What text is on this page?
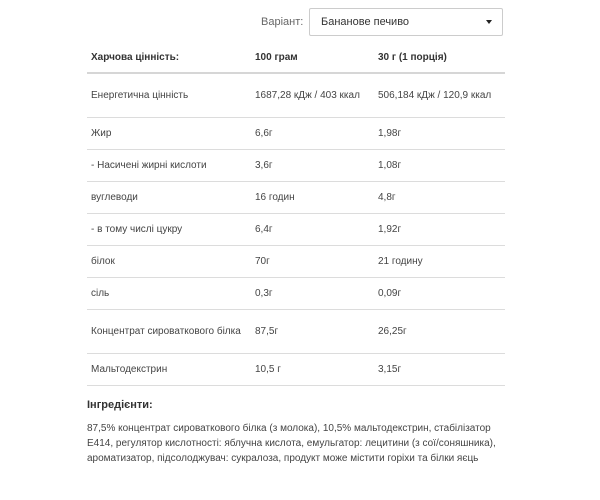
Варіант: Бананове печиво
Харчова цінність:	100 грам	30 г (1 порція)
Енергетична цінність	1687,28 кДж / 403 ккал	506,184 кДж / 120,9 ккал
Жир	6,6г	1,98г
- Насичені жирні кислоти	3,6г	1,08г
вуглеводи	16 годин	4,8г
- в тому числі цукру	6,4г	1,92г
білок	70г	21 годину
сіль	0,3г	0,09г
Концентрат сироваткового білка	87,5г	26,25г
Мальтодекстрин	10,5 г	3,15г
Інгредієнти:
87,5% концентрат сироваткового білка (з молока), 10,5% мальтодекстрин, стабілізатор Е414, регулятор кислотності: яблучна кислота, емульгатор: лецитини (з сої/соняшника), ароматизатор, підсолоджувач: сукралоза, продукт може містити горіхи та білки яєць
